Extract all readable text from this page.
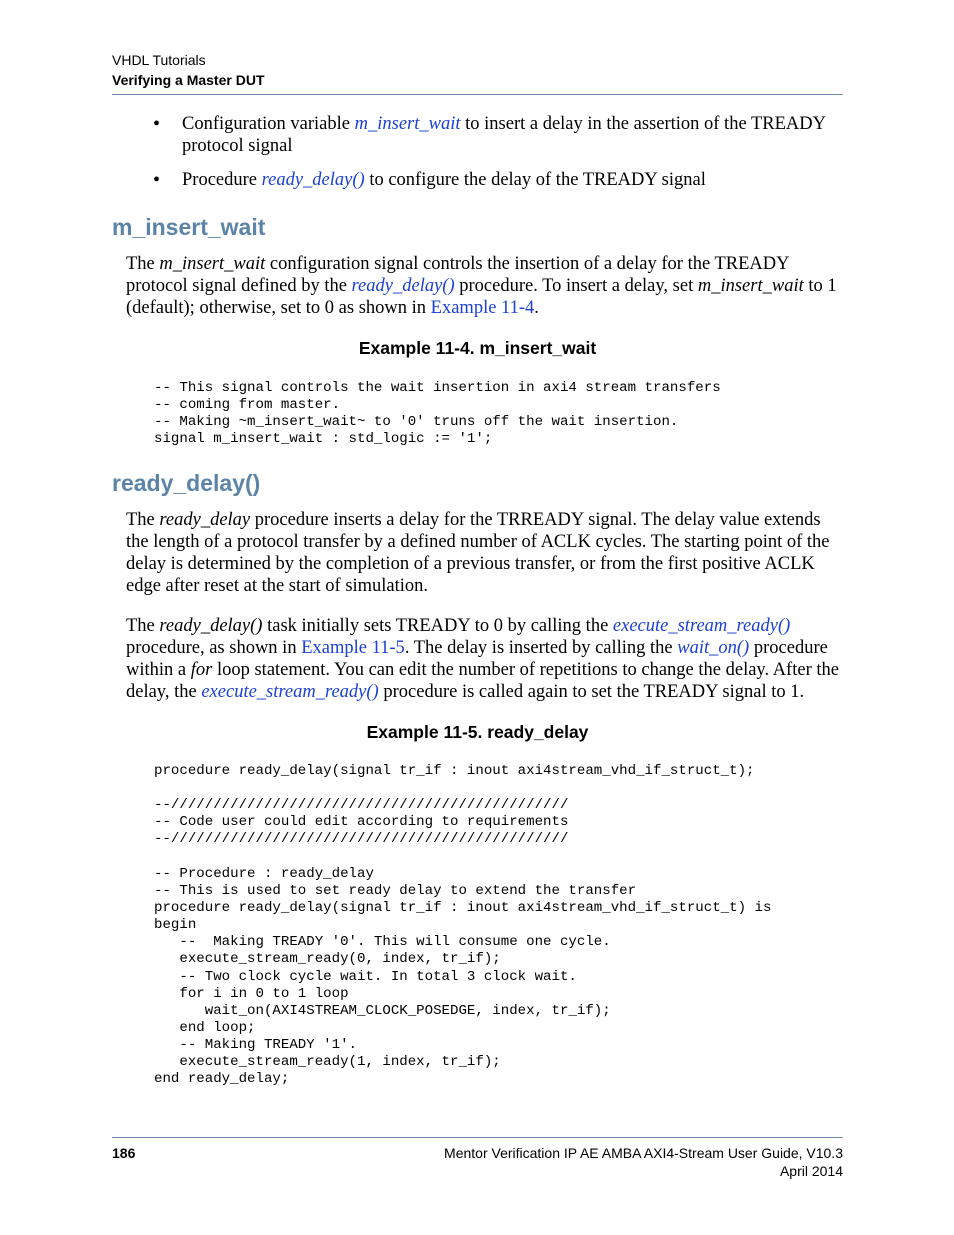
VHDL Tutorials
Verifying a Master DUT
• Configuration variable m_insert_wait to insert a delay in the assertion of the TREADY protocol signal
• Procedure ready_delay() to configure the delay of the TREADY signal
m_insert_wait
The m_insert_wait configuration signal controls the insertion of a delay for the TREADY protocol signal defined by the ready_delay() procedure. To insert a delay, set m_insert_wait to 1 (default); otherwise, set to 0 as shown in Example 11-4.
Example 11-4. m_insert_wait
-- This signal controls the wait insertion in axi4 stream transfers
-- coming from master.
-- Making ~m_insert_wait~ to '0' truns off the wait insertion.
signal m_insert_wait : std_logic := '1';
ready_delay()
The ready_delay procedure inserts a delay for the TRREADY signal. The delay value extends the length of a protocol transfer by a defined number of ACLK cycles. The starting point of the delay is determined by the completion of a previous transfer, or from the first positive ACLK edge after reset at the start of simulation.
The ready_delay() task initially sets TREADY to 0 by calling the execute_stream_ready() procedure, as shown in Example 11-5. The delay is inserted by calling the wait_on() procedure within a for loop statement. You can edit the number of repetitions to change the delay. After the delay, the execute_stream_ready() procedure is called again to set the TREADY signal to 1.
Example 11-5. ready_delay
procedure ready_delay(signal tr_if : inout axi4stream_vhd_if_struct_t);
--///////////////////////////////////////////////
-- Code user could edit according to requirements
--///////////////////////////////////////////////
-- Procedure : ready_delay
-- This is used to set ready delay to extend the transfer
procedure ready_delay(signal tr_if : inout axi4stream_vhd_if_struct_t) is
begin
--  Making TREADY '0'. This will consume one cycle.
execute_stream_ready(0, index, tr_if);
-- Two clock cycle wait. In total 3 clock wait.
for i in 0 to 1 loop
wait_on(AXI4STREAM_CLOCK_POSEDGE, index, tr_if);
end loop;
-- Making TREADY '1'.
execute_stream_ready(1, index, tr_if);
end ready_delay;
186	Mentor Verification IP AE AMBA AXI4-Stream User Guide, V10.3
April 2014
